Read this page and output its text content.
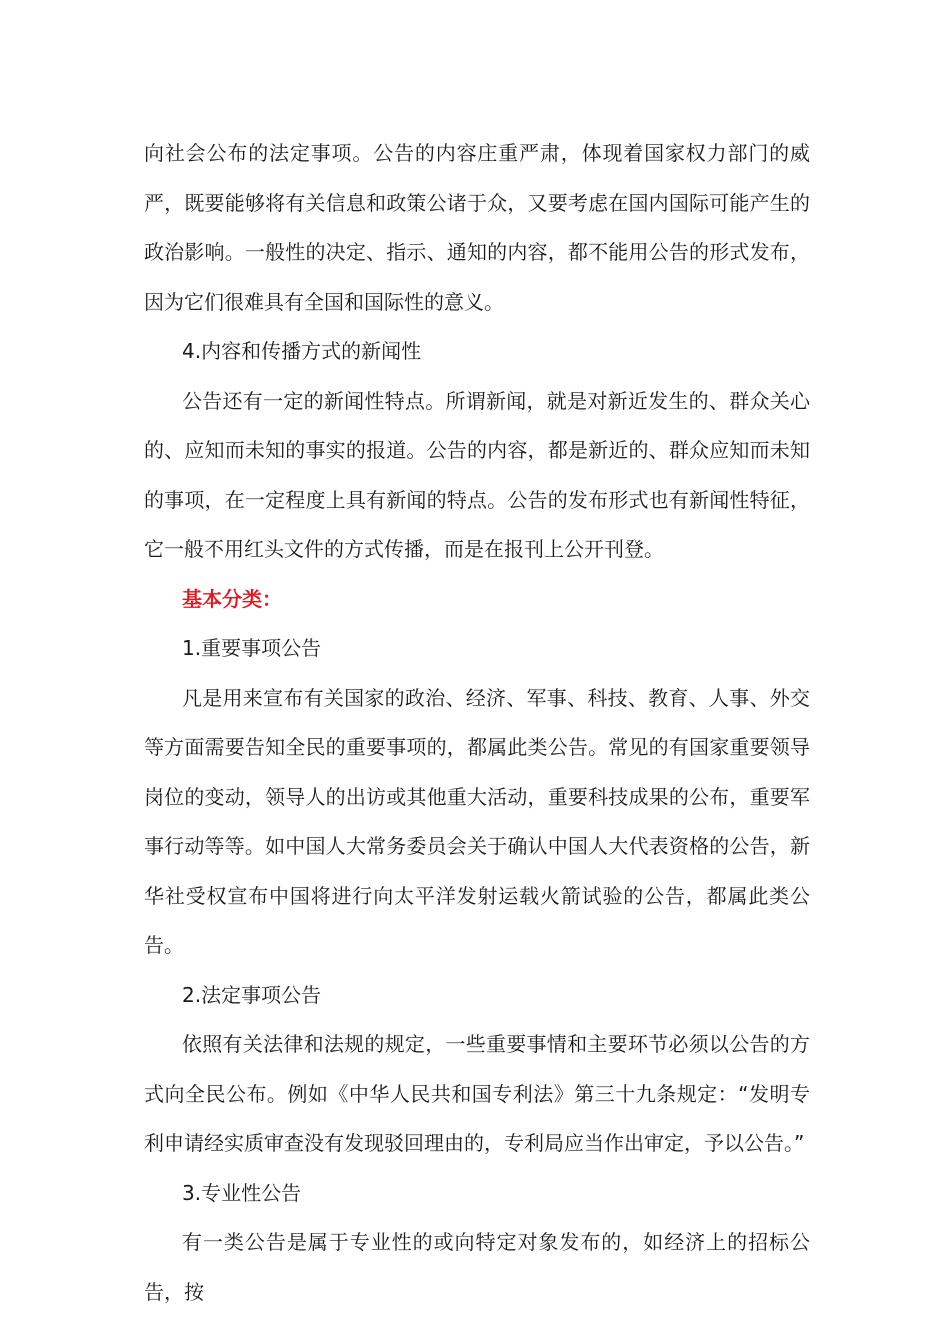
向社会公布的法定事项。公告的内容庄重严肃，体现着国家权力部门的威严，既要能够将有关信息和政策公诸于众，又要考虑在国内国际可能产生的政治影响。一般性的决定、指示、通知的内容，都不能用公告的形式发布，因为它们很难具有全国和国际性的意义。

4.内容和传播方式的新闻性

公告还有一定的新闻性特点。所谓新闻，就是对新近发生的、群众关心的、应知而未知的事实的报道。公告的内容，都是新近的、群众应知而未知的事项，在一定程度上具有新闻的特点。公告的发布形式也有新闻性特征，它一般不用红头文件的方式传播，而是在报刊上公开刊登。

基本分类：

1.重要事项公告

凡是用来宣布有关国家的政治、经济、军事、科技、教育、人事、外交等方面需要告知全民的重要事项的，都属此类公告。常见的有国家重要领导岗位的变动，领导人的出访或其他重大活动，重要科技成果的公布，重要军事行动等等。如中国人大常务委员会关于确认中国人大代表资格的公告，新华社受权宣布中国将进行向太平洋发射运载火箭试验的公告，都属此类公告。

2.法定事项公告

依照有关法律和法规的规定，一些重要事情和主要环节必须以公告的方式向全民公布。例如《中华人民共和国专利法》第三十九条规定：“发明专利申请经实质审查没有发现驳回理由的，专利局应当作出审定，予以公告。”

3.专业性公告

有一类公告是属于专业性的或向特定对象发布的，如经济上的招标公告，按
